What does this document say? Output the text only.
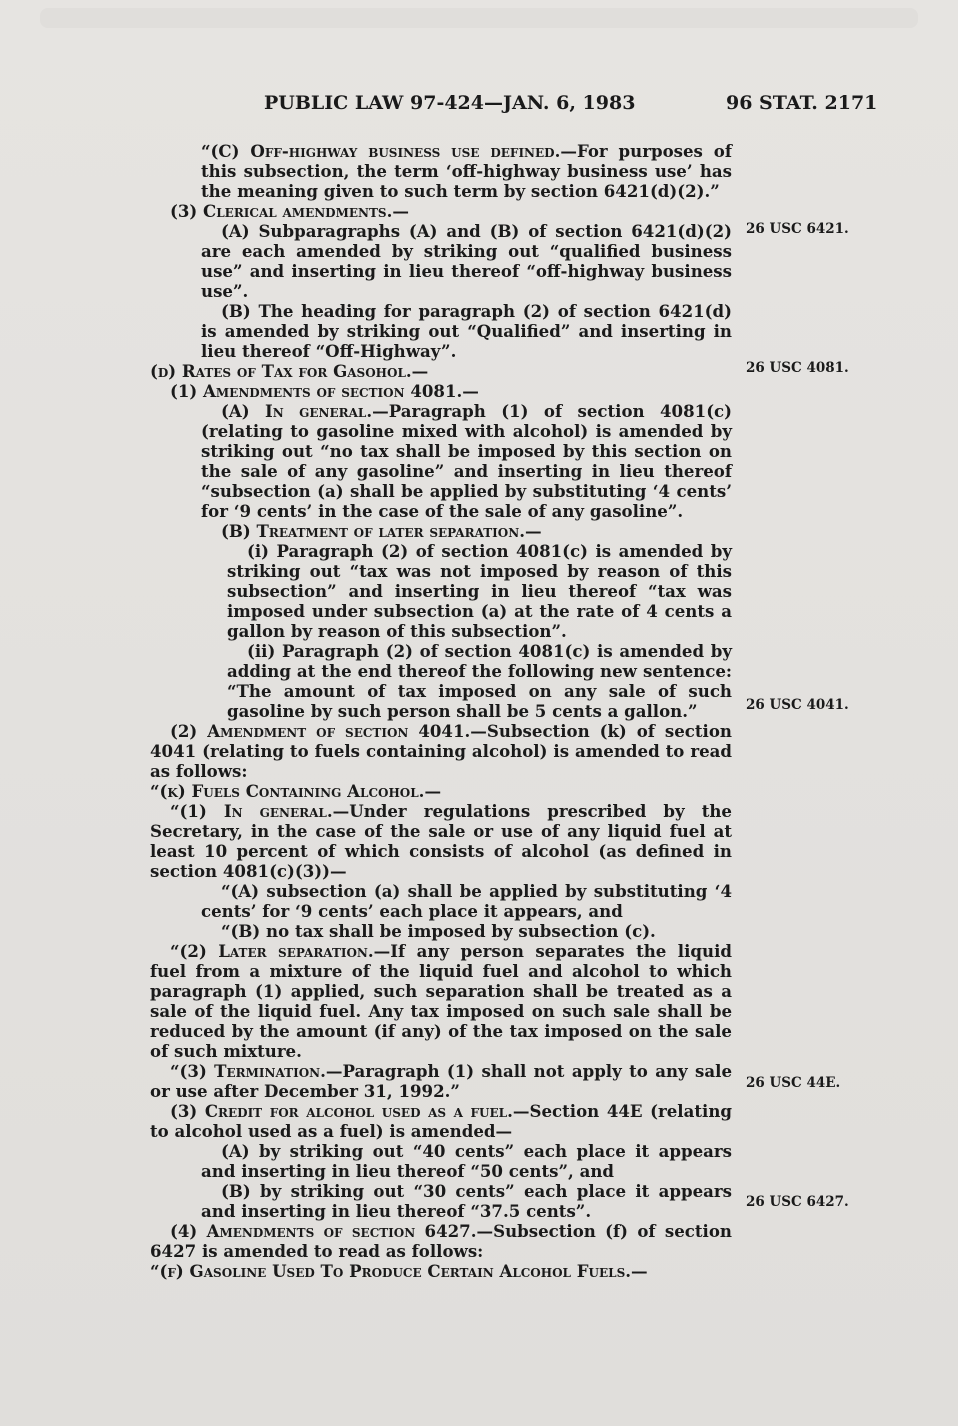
PUBLIC LAW 97-424—JAN. 6, 1983	96 STAT. 2171

“(C) Off-highway business use defined.—For purposes of this subsection, the term ‘off-highway business use’ has the meaning given to such term by section 6421(d)(2).”

(3) Clerical amendments.—

(A) Subparagraphs (A) and (B) of section 6421(d)(2) are each amended by striking out “qualified business use” and inserting in lieu thereof “off-highway business use”.

(B) The heading for paragraph (2) of section 6421(d) is amended by striking out “Qualified” and inserting in lieu thereof “Off-Highway”.

(d) Rates of Tax for Gasohol.—

(1) Amendments of section 4081.—

(A) In general.—Paragraph (1) of section 4081(c) (relating to gasoline mixed with alcohol) is amended by striking out “no tax shall be imposed by this section on the sale of any gasoline” and inserting in lieu thereof “subsection (a) shall be applied by substituting ‘4 cents’ for ‘9 cents’ in the case of the sale of any gasoline”.

(B) Treatment of later separation.—

(i) Paragraph (2) of section 4081(c) is amended by striking out “tax was not imposed by reason of this subsection” and inserting in lieu thereof “tax was imposed under subsection (a) at the rate of 4 cents a gallon by reason of this subsection”.

(ii) Paragraph (2) of section 4081(c) is amended by adding at the end thereof the following new sentence: “The amount of tax imposed on any sale of such gasoline by such person shall be 5 cents a gallon.”

(2) Amendment of section 4041.—Subsection (k) of section 4041 (relating to fuels containing alcohol) is amended to read as follows:

“(k) Fuels Containing Alcohol.—

“(1) In general.—Under regulations prescribed by the Secretary, in the case of the sale or use of any liquid fuel at least 10 percent of which consists of alcohol (as defined in section 4081(c)(3))—

“(A) subsection (a) shall be applied by substituting ‘4 cents’ for ‘9 cents’ each place it appears, and

“(B) no tax shall be imposed by subsection (c).

“(2) Later separation.—If any person separates the liquid fuel from a mixture of the liquid fuel and alcohol to which paragraph (1) applied, such separation shall be treated as a sale of the liquid fuel. Any tax imposed on such sale shall be reduced by the amount (if any) of the tax imposed on the sale of such mixture.

“(3) Termination.—Paragraph (1) shall not apply to any sale or use after December 31, 1992.”

(3) Credit for alcohol used as a fuel.—Section 44E (relating to alcohol used as a fuel) is amended—

(A) by striking out “40 cents” each place it appears and inserting in lieu thereof “50 cents”, and

(B) by striking out “30 cents” each place it appears and inserting in lieu thereof “37.5 cents”.

(4) Amendments of section 6427.—Subsection (f) of section 6427 is amended to read as follows:

“(f) Gasoline Used To Produce Certain Alcohol Fuels.—

26 USC 6421.
26 USC 4081.
26 USC 4041.
26 USC 44E.
26 USC 6427.
